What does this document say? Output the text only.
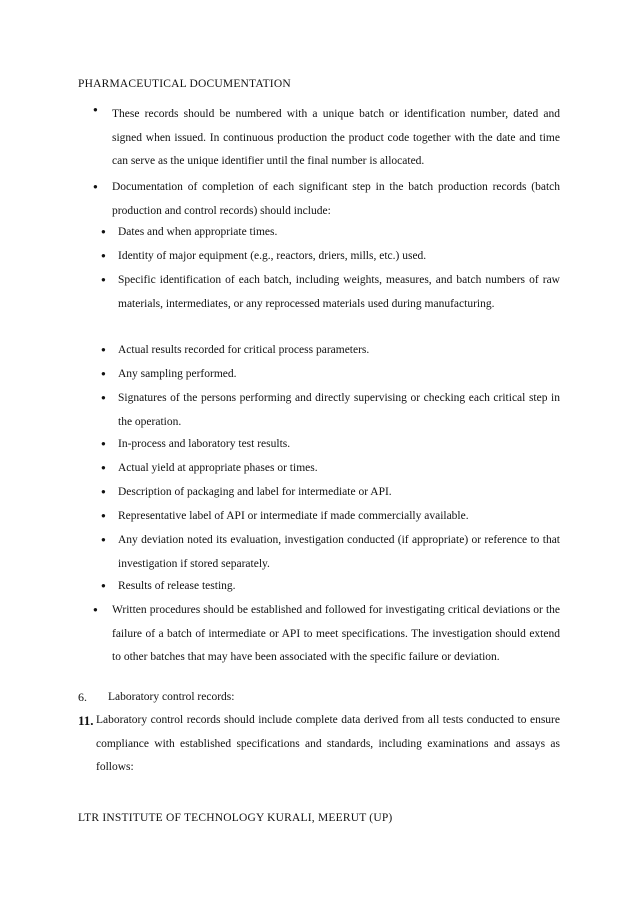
PHARMACEUTICAL DOCUMENTATION
● These records should be numbered with a unique batch or identification number, dated and signed when issued. In continuous production the product code together with the date and time can serve as the unique identifier until the final number is allocated.
● Documentation of completion of each significant step in the batch production records (batch production and control records) should include:
● Dates and when appropriate times.
● Identity of major equipment (e.g., reactors, driers, mills, etc.) used.
● Specific identification of each batch, including weights, measures, and batch numbers of raw materials, intermediates, or any reprocessed materials used during manufacturing.
● Actual results recorded for critical process parameters.
● Any sampling performed.
● Signatures of the persons performing and directly supervising or checking each critical step in the operation.
● In-process and laboratory test results.
● Actual yield at appropriate phases or times.
● Description of packaging and label for intermediate or API.
● Representative label of API or intermediate if made commercially available.
● Any deviation noted its evaluation, investigation conducted (if appropriate) or reference to that investigation if stored separately.
● Results of release testing.
● Written procedures should be established and followed for investigating critical deviations or the failure of a batch of intermediate or API to meet specifications. The investigation should extend to other batches that may have been associated with the specific failure or deviation.
6. Laboratory control records:
11. Laboratory control records should include complete data derived from all tests conducted to ensure compliance with established specifications and standards, including examinations and assays as follows:
LTR INSTITUTE OF TECHNOLOGY KURALI, MEERUT (UP)
